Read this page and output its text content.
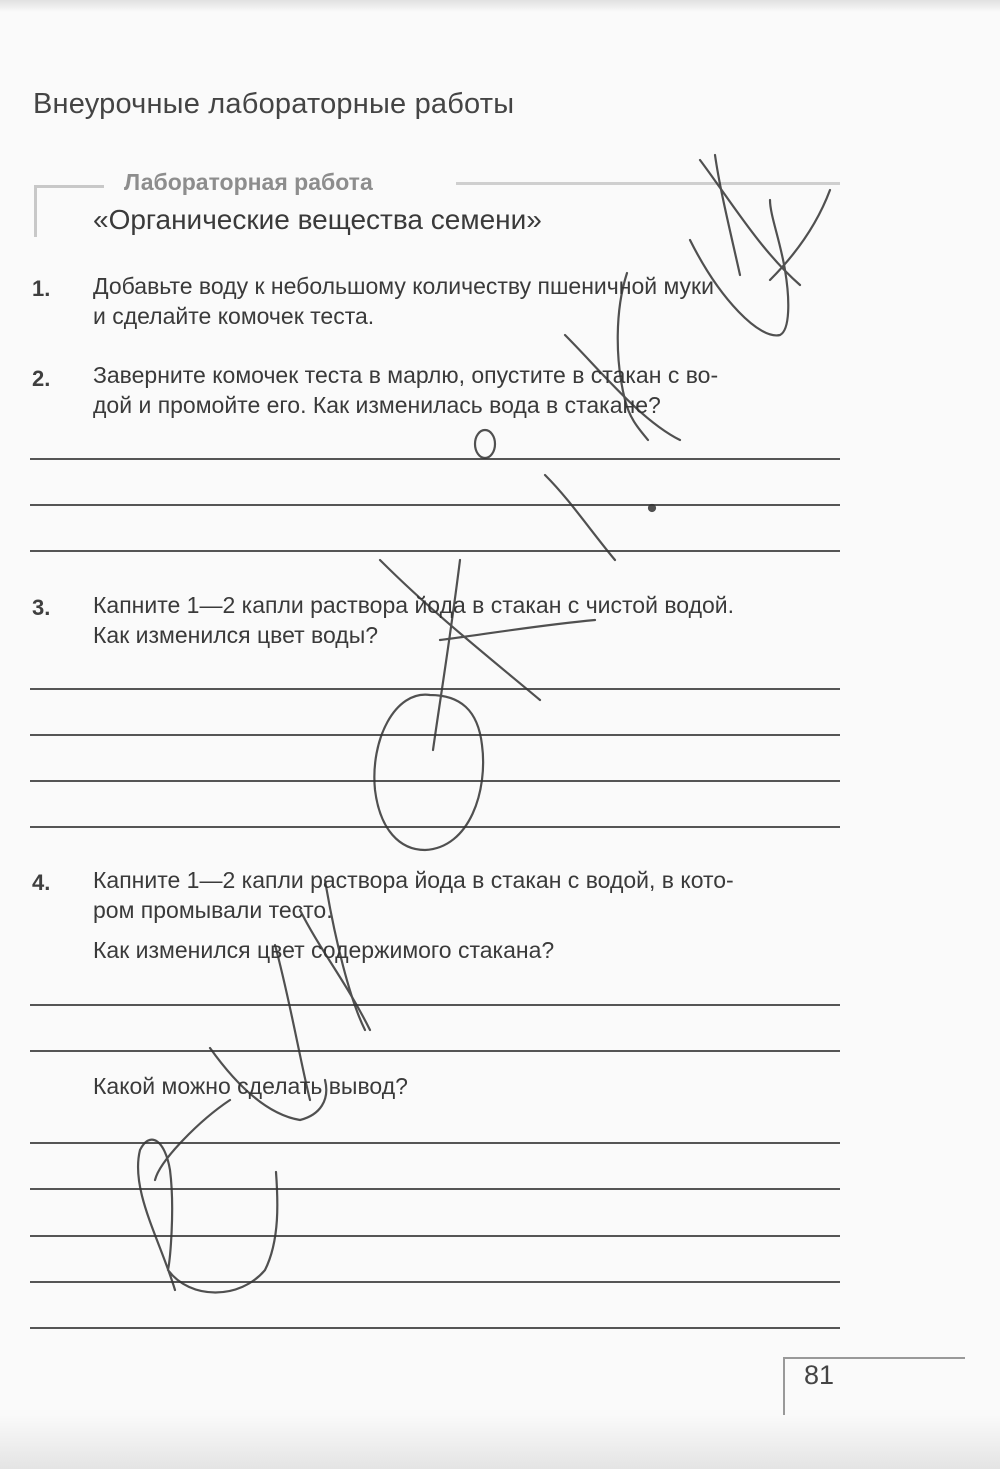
Внеурочные лабораторные работы
Лабораторная работа
«Органические вещества семени»
1. Добавьте воду к небольшому количеству пшеничной муки
и сделайте комочек теста.
2. Заверните комочек теста в марлю, опустите в стакан с во-
дой и промойте его. Как изменилась вода в стакане?
3. Капните 1—2 капли раствора йода в стакан с чистой водой.
Как изменился цвет воды?
4. Капните 1—2 капли раствора йода в стакан с водой, в кото-
ром промывали тесто.
Как изменился цвет содержимого стакана?
Какой можно сделать вывод?
81
